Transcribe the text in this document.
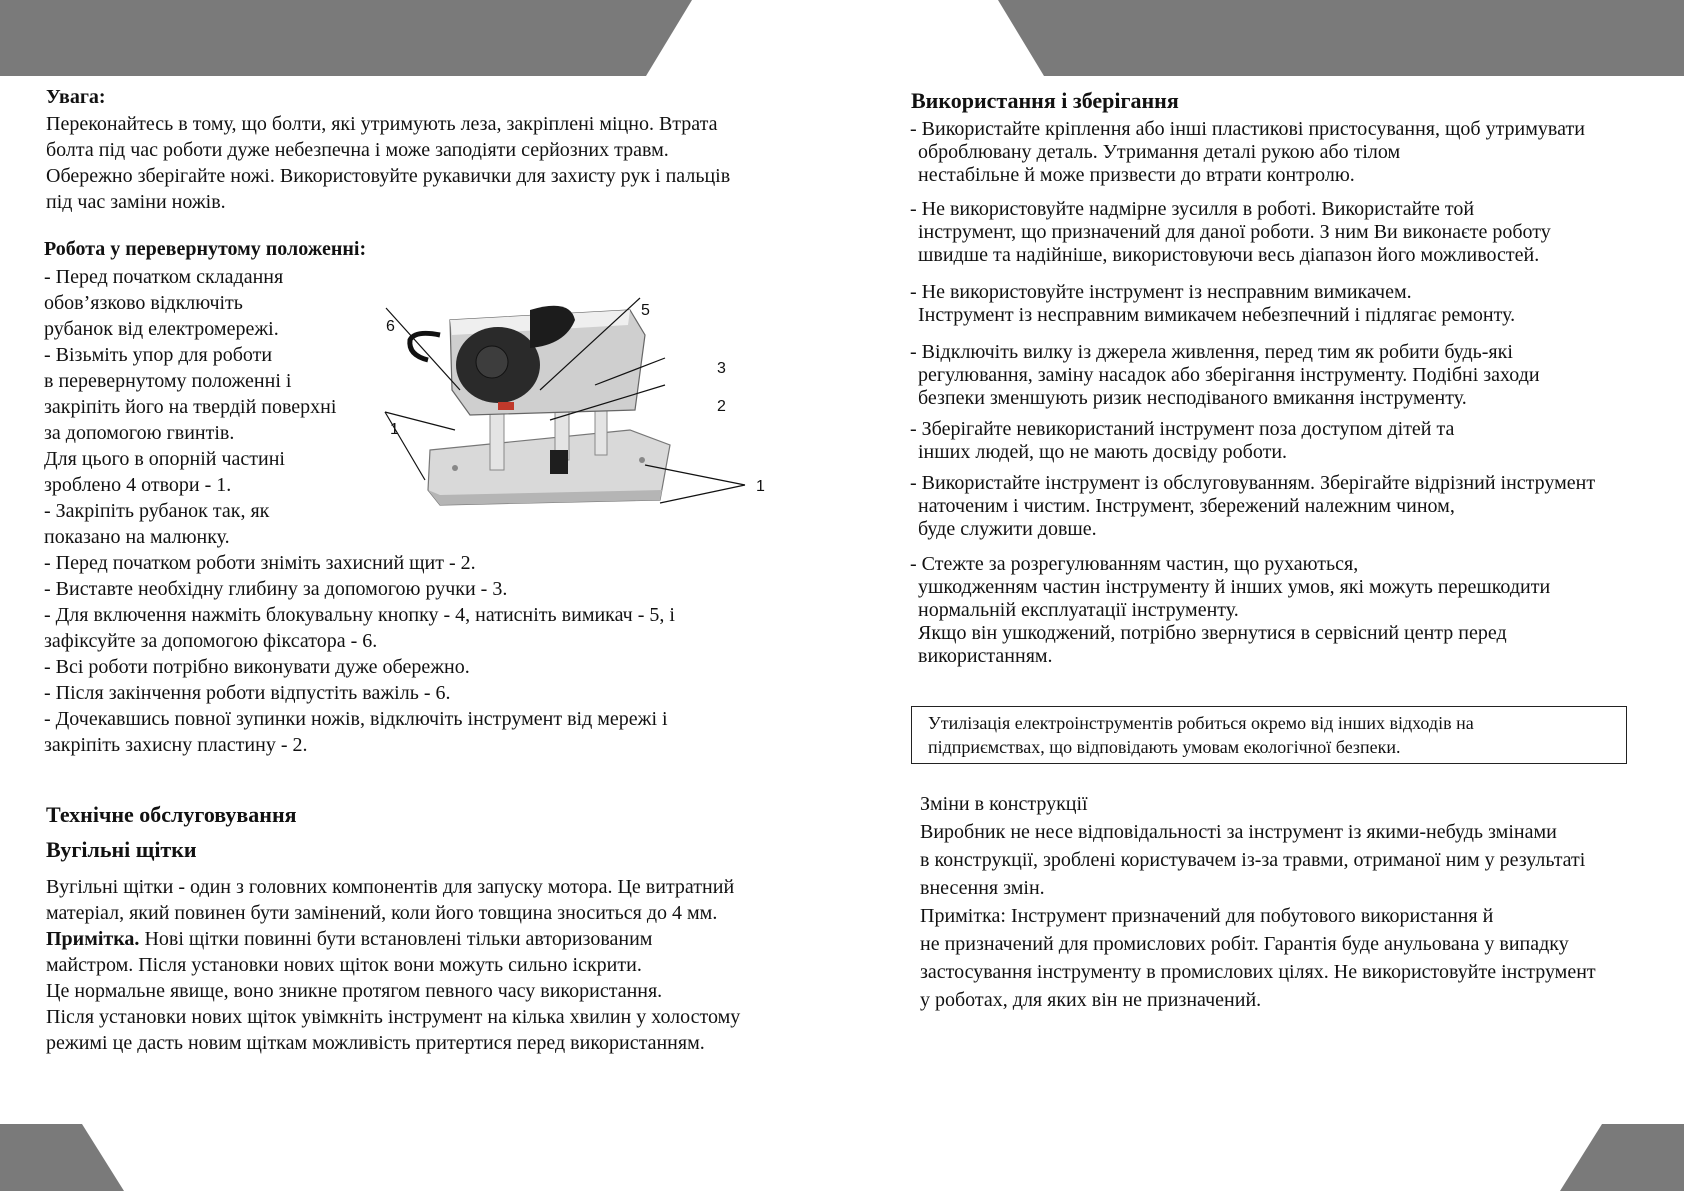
Увага:
Переконайтесь в тому, що болти, які утримують леза, закріплені міцно. Втрата
болта під час роботи дуже небезпечна і може заподіяти серйозних травм.
Обережно зберігайте ножі. Використовуйте рукавички для захисту рук і пальців
під час заміни ножів.
Робота у перевернутому положенні:
- Перед початком складання
обов’язково відключіть
рубанок від електромережі.
- Візьміть упор для роботи
в перевернутому положенні і
закріпіть його на твердій поверхні
за допомогою гвинтів.
Для цього в опорній частині
зроблено 4 отвори - 1.
- Закріпіть рубанок так, як
показано на малюнку.
- Перед початком роботи зніміть захисний щит - 2.
- Виставте необхідну глибину за допомогою ручки - 3.
- Для включення нажміть блокувальну кнопку - 4, натисніть вимикач - 5, і
зафіксуйте за допомогою фіксатора - 6.
- Всі роботи потрібно виконувати дуже обережно.
- Після закінчення роботи відпустіть важіль - 6.
- Дочекавшись повної зупинки ножів, відключіть інструмент від мережі і
закріпіть захисну пластину - 2.
6
5
3
2
1
1
Технічне обслуговування
Вугільні щітки
Вугільні щітки - один з головних компонентів для запуску мотора. Це витратний
матеріал, який повинен бути замінений, коли його товщина зноситься до 4 мм.
Примітка. Нові щітки повинні бути встановлені тільки авторизованим
майстром. Після установки нових щіток вони можуть сильно іскрити.
Це нормальне явище, воно зникне протягом певного часу використання.
Після установки нових щіток увімкніть інструмент на кілька хвилин у холостому
режимі це дасть новим щіткам можливість притертися перед використанням.
Використання і зберігання
- Використайте кріплення або інші пластикові пристосування, щоб утримувати
оброблювану деталь. Утримання деталі рукою або тілом
нестабільне й може призвести до втрати контролю.
- Не використовуйте надмірне зусилля в роботі. Використайте той
інструмент, що призначений для даної роботи. З ним Ви виконаєте роботу
швидше та надійніше, використовуючи весь діапазон його можливостей.
- Не використовуйте інструмент із несправним вимикачем.
Інструмент із несправним вимикачем небезпечний і підлягає ремонту.
- Відключіть вилку із джерела живлення, перед тим як робити будь-які
регулювання, заміну насадок або зберігання інструменту. Подібні заходи
безпеки зменшують ризик несподіваного вмикання інструменту.
- Зберігайте невикористаний інструмент поза доступом дітей та
інших людей, що не мають досвіду роботи.
- Використайте інструмент із обслуговуванням. Зберігайте відрізний інструмент
наточеним і чистим. Інструмент, збережений належним чином,
буде служити довше.
- Стежте за розрегулюванням частин, що рухаються,
ушкодженням частин інструменту й інших умов, які можуть перешкодити
нормальній експлуатації інструменту.
Якщо він ушкоджений, потрібно звернутися в сервісний центр перед
використанням.
Утилізація електроінструментів робиться окремо від інших відходів на
підприємствах, що відповідають умовам екологічної безпеки.
Зміни в конструкції
Виробник не несе відповідальності за інструмент із якими-небудь змінами
в конструкції, зроблені користувачем із-за травми, отриманої ним у результаті
внесення змін.
Примітка: Інструмент призначений для побутового використання й
не призначений для промислових робіт. Гарантія буде анульована у випадку
застосування інструменту в промислових цілях. Не використовуйте інструмент
у роботах, для яких він не призначений.
